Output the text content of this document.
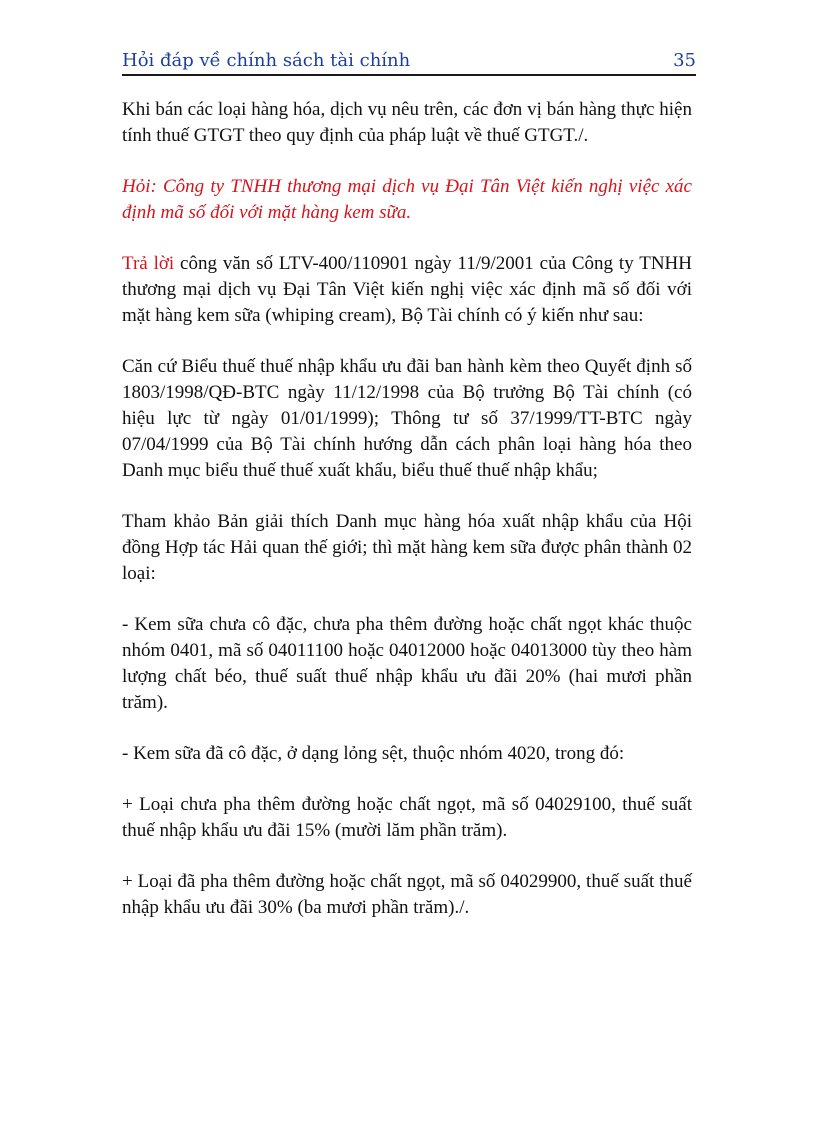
Hỏi đáp về chính sách tài chính	35

Khi bán các loại hàng hóa, dịch vụ nêu trên, các đơn vị bán hàng thực hiện tính thuế GTGT theo quy định của pháp luật về thuế GTGT./.

Hỏi: Công ty TNHH thương mại dịch vụ Đại Tân Việt kiến nghị việc xác định mã số đối với mặt hàng kem sữa.

Trả lời công văn số LTV-400/110901 ngày 11/9/2001 của Công ty TNHH thương mại dịch vụ Đại Tân Việt kiến nghị việc xác định mã số đối với mặt hàng kem sữa (whiping cream), Bộ Tài chính có ý kiến như sau:

Căn cứ Biểu thuế thuế nhập khẩu ưu đãi ban hành kèm theo Quyết định số 1803/1998/QĐ-BTC ngày 11/12/1998 của Bộ trưởng Bộ Tài chính (có hiệu lực từ ngày 01/01/1999); Thông tư số 37/1999/TT-BTC ngày 07/04/1999 của Bộ Tài chính hướng dẫn cách phân loại hàng hóa theo Danh mục biểu thuế thuế xuất khẩu, biểu thuế thuế nhập khẩu;

Tham khảo Bản giải thích Danh mục hàng hóa xuất nhập khẩu của Hội đồng Hợp tác Hải quan thế giới; thì mặt hàng kem sữa được phân thành 02 loại:

- Kem sữa chưa cô đặc, chưa pha thêm đường hoặc chất ngọt khác thuộc nhóm 0401, mã số 04011100 hoặc 04012000 hoặc 04013000 tùy theo hàm lượng chất béo, thuế suất thuế nhập khẩu ưu đãi 20% (hai mươi phần trăm).

- Kem sữa đã cô đặc, ở dạng lỏng sệt, thuộc nhóm 4020, trong đó:

+ Loại chưa pha thêm đường hoặc chất ngọt, mã số 04029100, thuế suất thuế nhập khẩu ưu đãi 15% (mười lăm phần trăm).

+ Loại đã pha thêm đường hoặc chất ngọt, mã số 04029900, thuế suất thuế nhập khẩu ưu đãi 30% (ba mươi phần trăm)./.
